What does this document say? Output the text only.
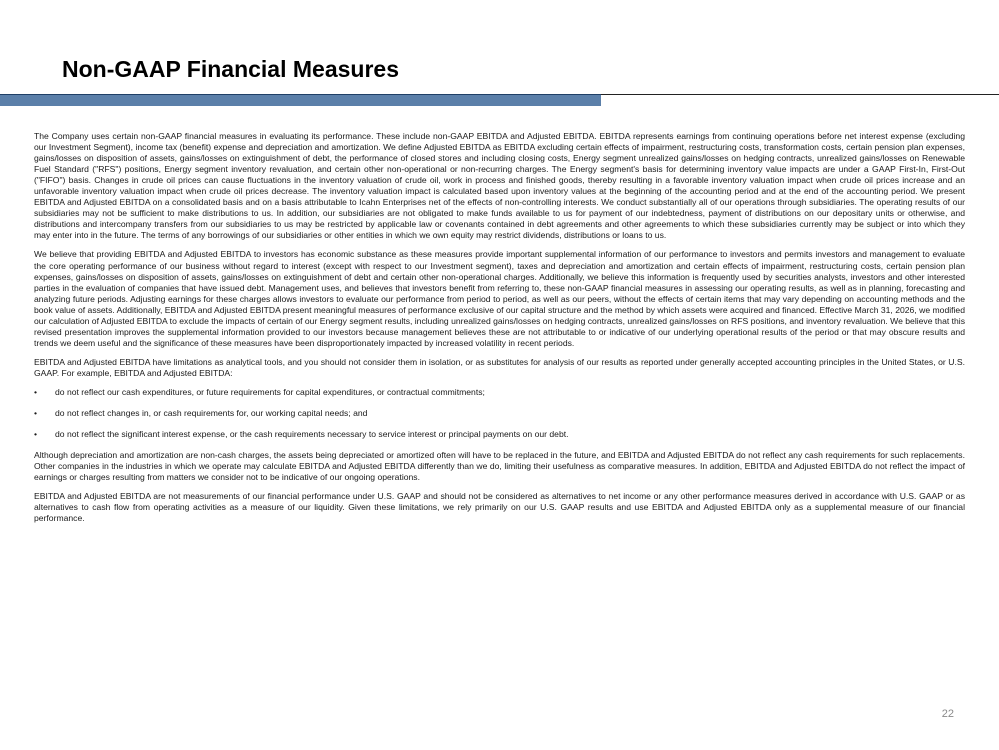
Non-GAAP Financial Measures

The Company uses certain non-GAAP financial measures in evaluating its performance. These include non-GAAP EBITDA and Adjusted EBITDA. EBITDA represents earnings from continuing operations before net interest expense (excluding our Investment Segment), income tax (benefit) expense and depreciation and amortization. We define Adjusted EBITDA as EBITDA excluding certain effects of impairment, restructuring costs, transformation costs, certain pension plan expenses, gains/losses on disposition of assets, gains/losses on extinguishment of debt, the performance of closed stores and including closing costs, Energy segment unrealized gains/losses on hedging contracts, unrealized gains/losses on Renewable Fuel Standard ("RFS") positions, Energy segment inventory revaluation, and certain other non-operational or non-recurring charges. The Energy segment's basis for determining inventory value impacts are under a GAAP First-In, First-Out ("FIFO") basis. Changes in crude oil prices can cause fluctuations in the inventory valuation of crude oil, work in process and finished goods, thereby resulting in a favorable inventory valuation impact when crude oil prices increase and an unfavorable inventory valuation impact when crude oil prices decrease. The inventory valuation impact is calculated based upon inventory values at the beginning of the accounting period and at the end of the accounting period. We present EBITDA and Adjusted EBITDA on a consolidated basis and on a basis attributable to Icahn Enterprises net of the effects of non-controlling interests. We conduct substantially all of our operations through subsidiaries. The operating results of our subsidiaries may not be sufficient to make distributions to us. In addition, our subsidiaries are not obligated to make funds available to us for payment of our indebtedness, payment of distributions on our depositary units or otherwise, and distributions and intercompany transfers from our subsidiaries to us may be restricted by applicable law or covenants contained in debt agreements and other agreements to which these subsidiaries currently may be subject or into which they may enter into in the future. The terms of any borrowings of our subsidiaries or other entities in which we own equity may restrict dividends, distributions or loans to us.

We believe that providing EBITDA and Adjusted EBITDA to investors has economic substance as these measures provide important supplemental information of our performance to investors and permits investors and management to evaluate the core operating performance of our business without regard to interest (except with respect to our Investment segment), taxes and depreciation and amortization and certain effects of impairment, restructuring costs, certain pension plan expenses, gains/losses on disposition of assets, gains/losses on extinguishment of debt and certain other non-operational charges. Additionally, we believe this information is frequently used by securities analysts, investors and other interested parties in the evaluation of companies that have issued debt. Management uses, and believes that investors benefit from referring to, these non-GAAP financial measures in assessing our operating results, as well as in planning, forecasting and analyzing future periods. Adjusting earnings for these charges allows investors to evaluate our performance from period to period, as well as our peers, without the effects of certain items that may vary depending on accounting methods and the book value of assets. Additionally, EBITDA and Adjusted EBITDA present meaningful measures of performance exclusive of our capital structure and the method by which assets were acquired and financed. Effective March 31, 2026, we modified our calculation of Adjusted EBITDA to exclude the impacts of certain of our Energy segment results, including unrealized gains/losses on hedging contracts, unrealized gains/losses on RFS positions, and inventory revaluation. We believe that this revised presentation improves the supplemental information provided to our investors because management believes these are not attributable to or indicative of our underlying operational results of the period or that may obscure results and trends we deem useful and the significance of these measures have been disproportionately impacted by increased volatility in recent periods.

EBITDA and Adjusted EBITDA have limitations as analytical tools, and you should not consider them in isolation, or as substitutes for analysis of our results as reported under generally accepted accounting principles in the United States, or U.S. GAAP. For example, EBITDA and Adjusted EBITDA:

• do not reflect our cash expenditures, or future requirements for capital expenditures, or contractual commitments;
• do not reflect changes in, or cash requirements for, our working capital needs; and
• do not reflect the significant interest expense, or the cash requirements necessary to service interest or principal payments on our debt.

Although depreciation and amortization are non-cash charges, the assets being depreciated or amortized often will have to be replaced in the future, and EBITDA and Adjusted EBITDA do not reflect any cash requirements for such replacements. Other companies in the industries in which we operate may calculate EBITDA and Adjusted EBITDA differently than we do, limiting their usefulness as comparative measures. In addition, EBITDA and Adjusted EBITDA do not reflect the impact of earnings or charges resulting from matters we consider not to be indicative of our ongoing operations.

EBITDA and Adjusted EBITDA are not measurements of our financial performance under U.S. GAAP and should not be considered as alternatives to net income or any other performance measures derived in accordance with U.S. GAAP or as alternatives to cash flow from operating activities as a measure of our liquidity. Given these limitations, we rely primarily on our U.S. GAAP results and use EBITDA and Adjusted EBITDA only as a supplemental measure of our financial performance.

22
